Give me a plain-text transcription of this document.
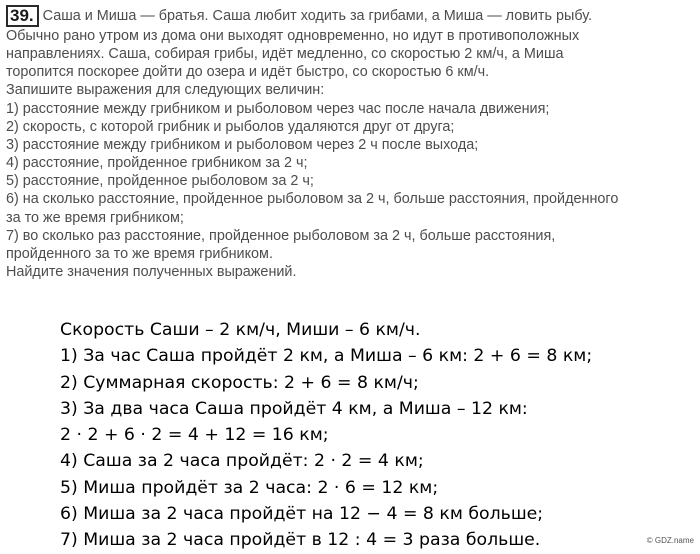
39. Саша и Миша — братья. Саша любит ходить за грибами, а Миша — ловить рыбу.

Обычно рано утром из дома они выходят одновременно, но идут в противоположных

направлениях. Саша, собирая грибы, идёт медленно, со скоростью 2 км/ч, а Миша

торопится поскорее дойти до озера и идёт быстро, со скоростью 6 км/ч.

Запишите выражения для следующих величин:

1) расстояние между грибником и рыболовом через час после начала движения;

2) скорость, с которой грибник и рыболов удаляются друг от друга;

3) расстояние между грибником и рыболовом через 2 ч после выхода;

4) расстояние, пройденное грибником за 2 ч;

5) расстояние, пройденное рыболовом за 2 ч;

6) на сколько расстояние, пройденное рыболовом за 2 ч, больше расстояния, пройденного

за то же время грибником;

7) во сколько раз расстояние, пройденное рыболовом за 2 ч, больше расстояния,

пройденного за то же время грибником.

Найдите значения полученных выражений.

Скорость Саши – 2 км/ч, Миши – 6 км/ч.

1) За час Саша пройдёт 2 км, а Миша – 6 км: 2 + 6 = 8 км;

2) Суммарная скорость: 2 + 6 = 8 км/ч;

3) За два часа Саша пройдёт 4 км, а Миша – 12 км:

2 · 2 + 6 · 2 = 4 + 12 = 16 км;

4) Саша за 2 часа пройдёт: 2 · 2 = 4 км;

5) Миша пройдёт за 2 часа: 2 · 6 = 12 км;

6) Миша за 2 часа пройдёт на 12 − 4 = 8 км больше;

7) Миша за 2 часа пройдёт в 12 : 4 = 3 раза больше.	© GDZ.name
